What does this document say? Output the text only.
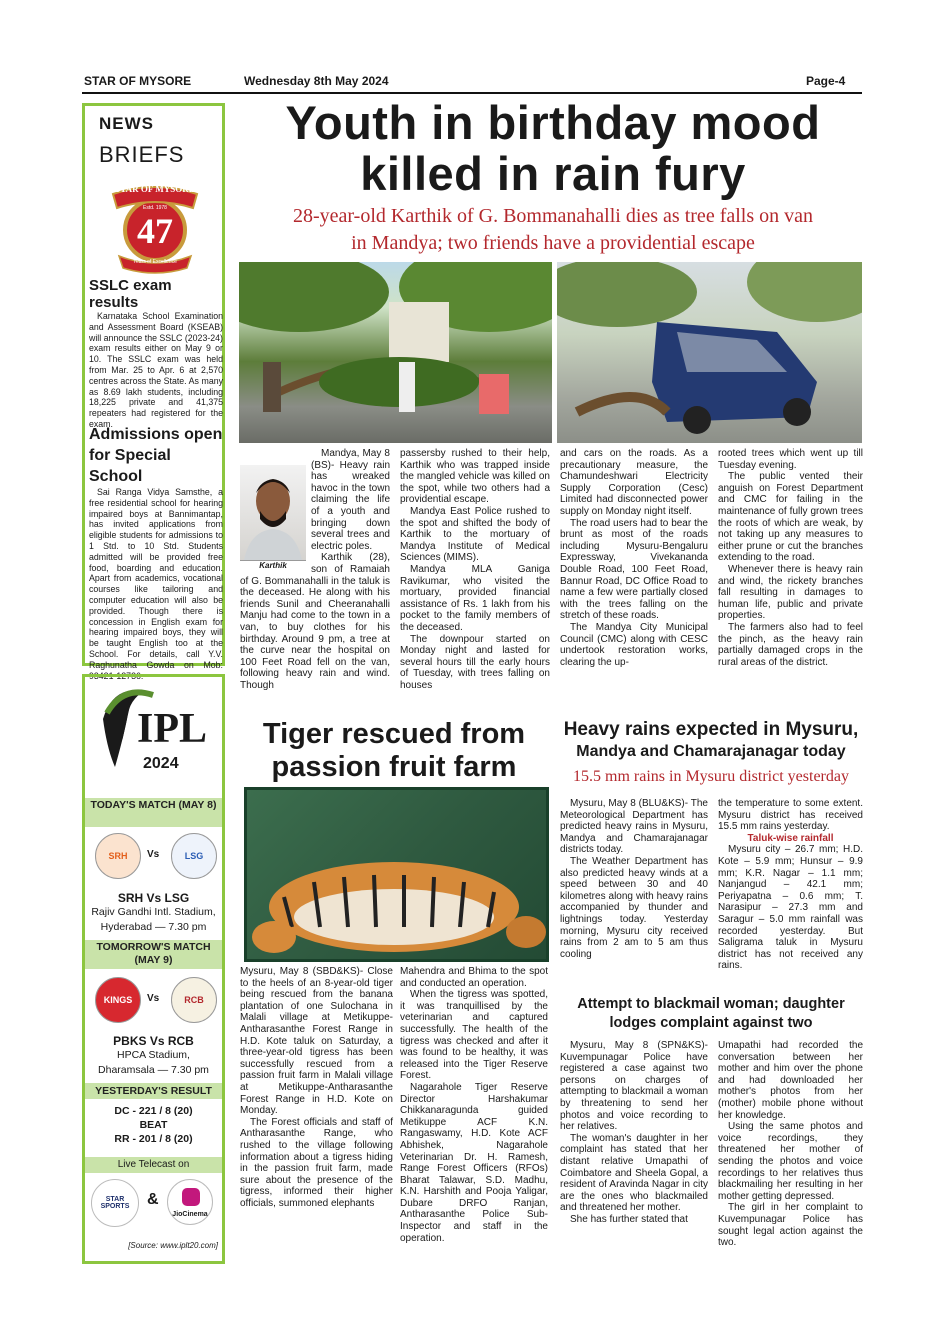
STAR OF MYSORE	Wednesday 8th May 2024	Page-4
NEWS
BRIEFS
STAR OF MYSORE
Estd. 1978
47
Years of Excellence
SSLC exam results
Karnataka School Examination and Assessment Board (KSEAB) will announce the SSLC (2023-24) exam results either on May 9 or 10. The SSLC exam was held from Mar. 25 to Apr. 6 at 2,570 centres across the State. As many as 8.69 lakh students, including 18,225 private and 41,375 repeaters had registered for the exam.
Admissions open for Special School
Sai Ranga Vidya Samsthe, a free residential school for hearing impaired boys at Bannimantap, has invited applications from eligible students for admissions to 1 Std. to 10 Std. Students admitted will be provided free food, boarding and education. Apart from academics, vocational courses like tailoring and computer education will also be provided. Though there is concession in English exam for hearing impaired boys, they will be taught English too at the School. For details, call Y.V. Raghunatha Gowda on Mob: 93421-12736.
IPL
2024
TODAY'S MATCH (MAY 8)
SRH	Vs	LSG
SRH Vs LSG
Rajiv Gandhi Intl. Stadium,
Hyderabad — 7.30 pm
TOMORROW'S MATCH (MAY 9)
KINGS	Vs	RCB
PBKS Vs RCB
HPCA Stadium,
Dharamsala — 7.30 pm
YESTERDAY'S RESULT
DC - 221 / 8 (20)
BEAT
RR - 201 / 8 (20)
Live Telecast on
STAR SPORTS	&
JioCinema
[Source: www.iplt20.com]
Youth in birthday mood
killed in rain fury
28-year-old Karthik of G. Bommanahalli dies as tree falls on van
in Mandya; two friends have a providential escape
Karthik

Mandya, May 8 (BS)- Heavy rain has wreaked havoc in the town claiming the life of a youth and bringing down several trees and electric poles.

Karthik (28), son of Ramaiah of G. Bommanahalli in the taluk is the deceased. He along with his friends Sunil and Cheeranahalli Manju had come to the town in a van, to buy clothes for his birthday. Around 9 pm, a tree at the curve near the hospital on 100 Feet Road fell on the van, following heavy rain and wind. Though

passersby rushed to their help, Karthik who was trapped inside the mangled vehicle was killed on the spot, while two others had a providential escape.

Mandya East Police rushed to the spot and shifted the body of Karthik to the mortuary of Mandya Institute of Medical Sciences (MIMS).

Mandya MLA Ganiga Ravikumar, who visited the mortuary, provided financial assistance of Rs. 1 lakh from his pocket to the family members of the deceased.

The downpour started on Monday night and lasted for several hours till the early hours of Tuesday, with trees falling on houses

and cars on the roads. As a precautionary measure, the Chamundeshwari Electricity Supply Corporation (Cesc) Limited had disconnected power supply on Monday night itself.

The road users had to bear the brunt as most of the roads including Mysuru-Bengaluru Expressway, Vivekananda Double Road, 100 Feet Road, Bannur Road, DC Office Road to name a few were partially closed with the trees falling on the stretch of these roads.

The Mandya City Municipal Council (CMC) along with CESC undertook restoration works, clearing the up-

rooted trees which went up till Tuesday evening.

The public vented their anguish on Forest Department and CMC for failing in the maintenance of fully grown trees the roots of which are weak, by not taking up any measures to either prune or cut the branches extending to the road.

Whenever there is heavy rain and wind, the rickety branches fall resulting in damages to human life, public and private properties.

The farmers also had to feel the pinch, as the heavy rain partially damaged crops in the rural areas of the district.

Tiger rescued from
passion fruit farm

Mysuru, May 8 (SBD&KS)- Close to the heels of an 8-year-old tiger being rescued from the banana plantation of one Sulochana in Malali village at Metikuppe-Antharasanthe Forest Range in H.D. Kote taluk on Saturday, a three-year-old tigress has been successfully rescued from a passion fruit farm in Malali village at Metikuppe-Antharasanthe Forest Range in H.D. Kote on Monday.

The Forest officials and staff of Antharasanthe Range, who rushed to the village following information about a tigress hiding in the passion fruit farm, made sure about the presence of the tigress, informed their higher officials, summoned elephants

Mahendra and Bhima to the spot and conducted an operation.

When the tigress was spotted, it was tranquillised by the veterinarian and captured successfully. The health of the tigress was checked and after it was found to be healthy, it was released into the Tiger Reserve Forest.

Nagarahole Tiger Reserve Director Harshakumar Chikkanaragunda guided Metikuppe ACF K.N. Rangaswamy, H.D. Kote ACF Abhishek, Nagarahole Veterinarian Dr. H. Ramesh, Range Forest Officers (RFOs) Bharat Talawar, S.D. Madhu, K.N. Harshith and Pooja Yaligar, Dubare DRFO Ranjan, Antharasanthe Police Sub-Inspector and staff in the operation.

Heavy rains expected in Mysuru,
Mandya and Chamarajanagar today
15.5 mm rains in Mysuru district yesterday

Mysuru, May 8 (BLU&KS)- The Meteorological Department has predicted heavy rains in Mysuru, Mandya and Chamarajanagar districts today.

The Weather Department has also predicted heavy winds at a speed between 30 and 40 kilometres along with heavy rains accompanied by thunder and lightnings today. Yesterday morning, Mysuru city received rains from 2 am to 5 am thus cooling

the temperature to some extent. Mysuru district has received 15.5 mm rains yesterday.

Taluk-wise rainfall

Mysuru city – 26.7 mm; H.D. Kote – 5.9 mm; Hunsur – 9.9 mm; K.R. Nagar – 1.1 mm; Nanjangud – 42.1 mm; Periyapatna – 0.6 mm; T. Narasipur – 27.3 mm and Saragur – 5.0 mm rainfall was recorded yesterday. But Saligrama taluk in Mysuru district has not received any rains.

Attempt to blackmail woman; daughter
lodges complaint against two

Mysuru, May 8 (SPN&KS)- Kuvempunagar Police have registered a case against two persons on charges of attempting to blackmail a woman by threatening to send her photos and voice recording to her relatives.

The woman's daughter in her complaint has stated that her distant relative Umapathi of Coimbatore and Sheela Gopal, a resident of Aravinda Nagar in city are the ones who blackmailed and threatened her mother.

She has further stated that

Umapathi had recorded the conversation between her mother and him over the phone and had downloaded her mother's photos from her (mother) mobile phone without her knowledge.

Using the same photos and voice recordings, they threatened her mother of sending the photos and voice recordings to her relatives thus blackmailing her resulting in her mother getting depressed.

The girl in her complaint to Kuvempunagar Police has sought legal action against the two.
